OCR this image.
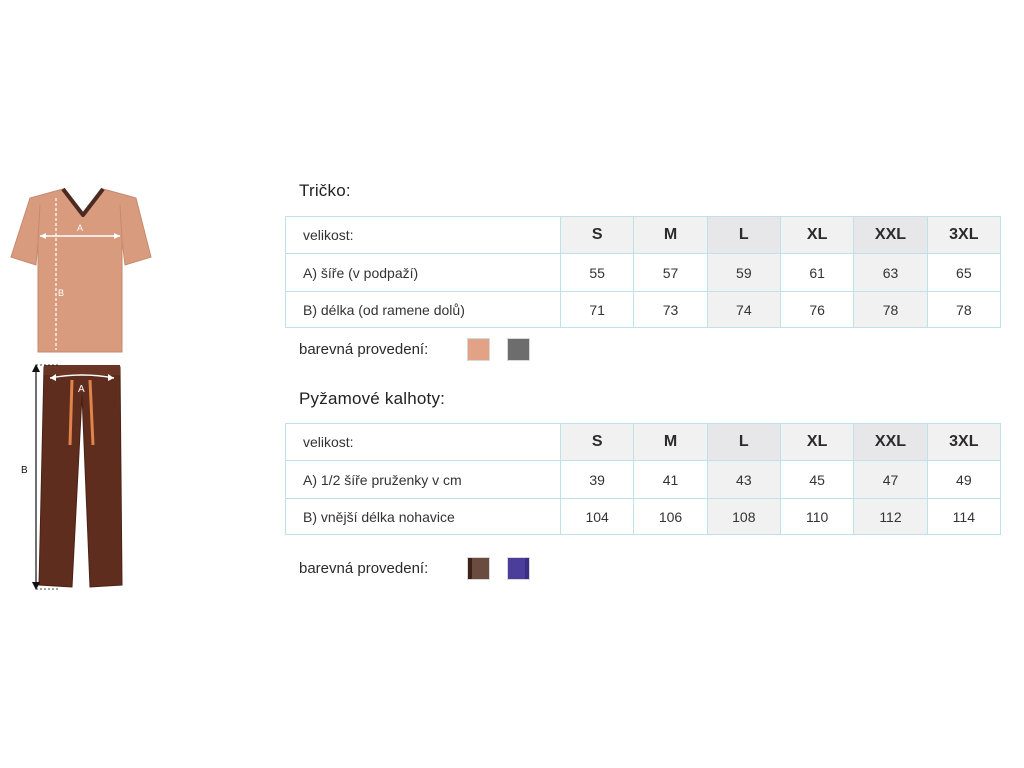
A
B
A
B
Tričko:
velikost:	S	M	L	XL	XXL	3XL
A) šíře (v podpaží)	55	57	59	61	63	65
B) délka (od ramene dolů)	71	73	74	76	78	78
barevná provedení:
Pyžamové kalhoty:
velikost:	S	M	L	XL	XXL	3XL
A) 1/2 šíře pruženky v cm	39	41	43	45	47	49
B) vnější délka nohavice	104	106	108	110	112	114
barevná provedení:
